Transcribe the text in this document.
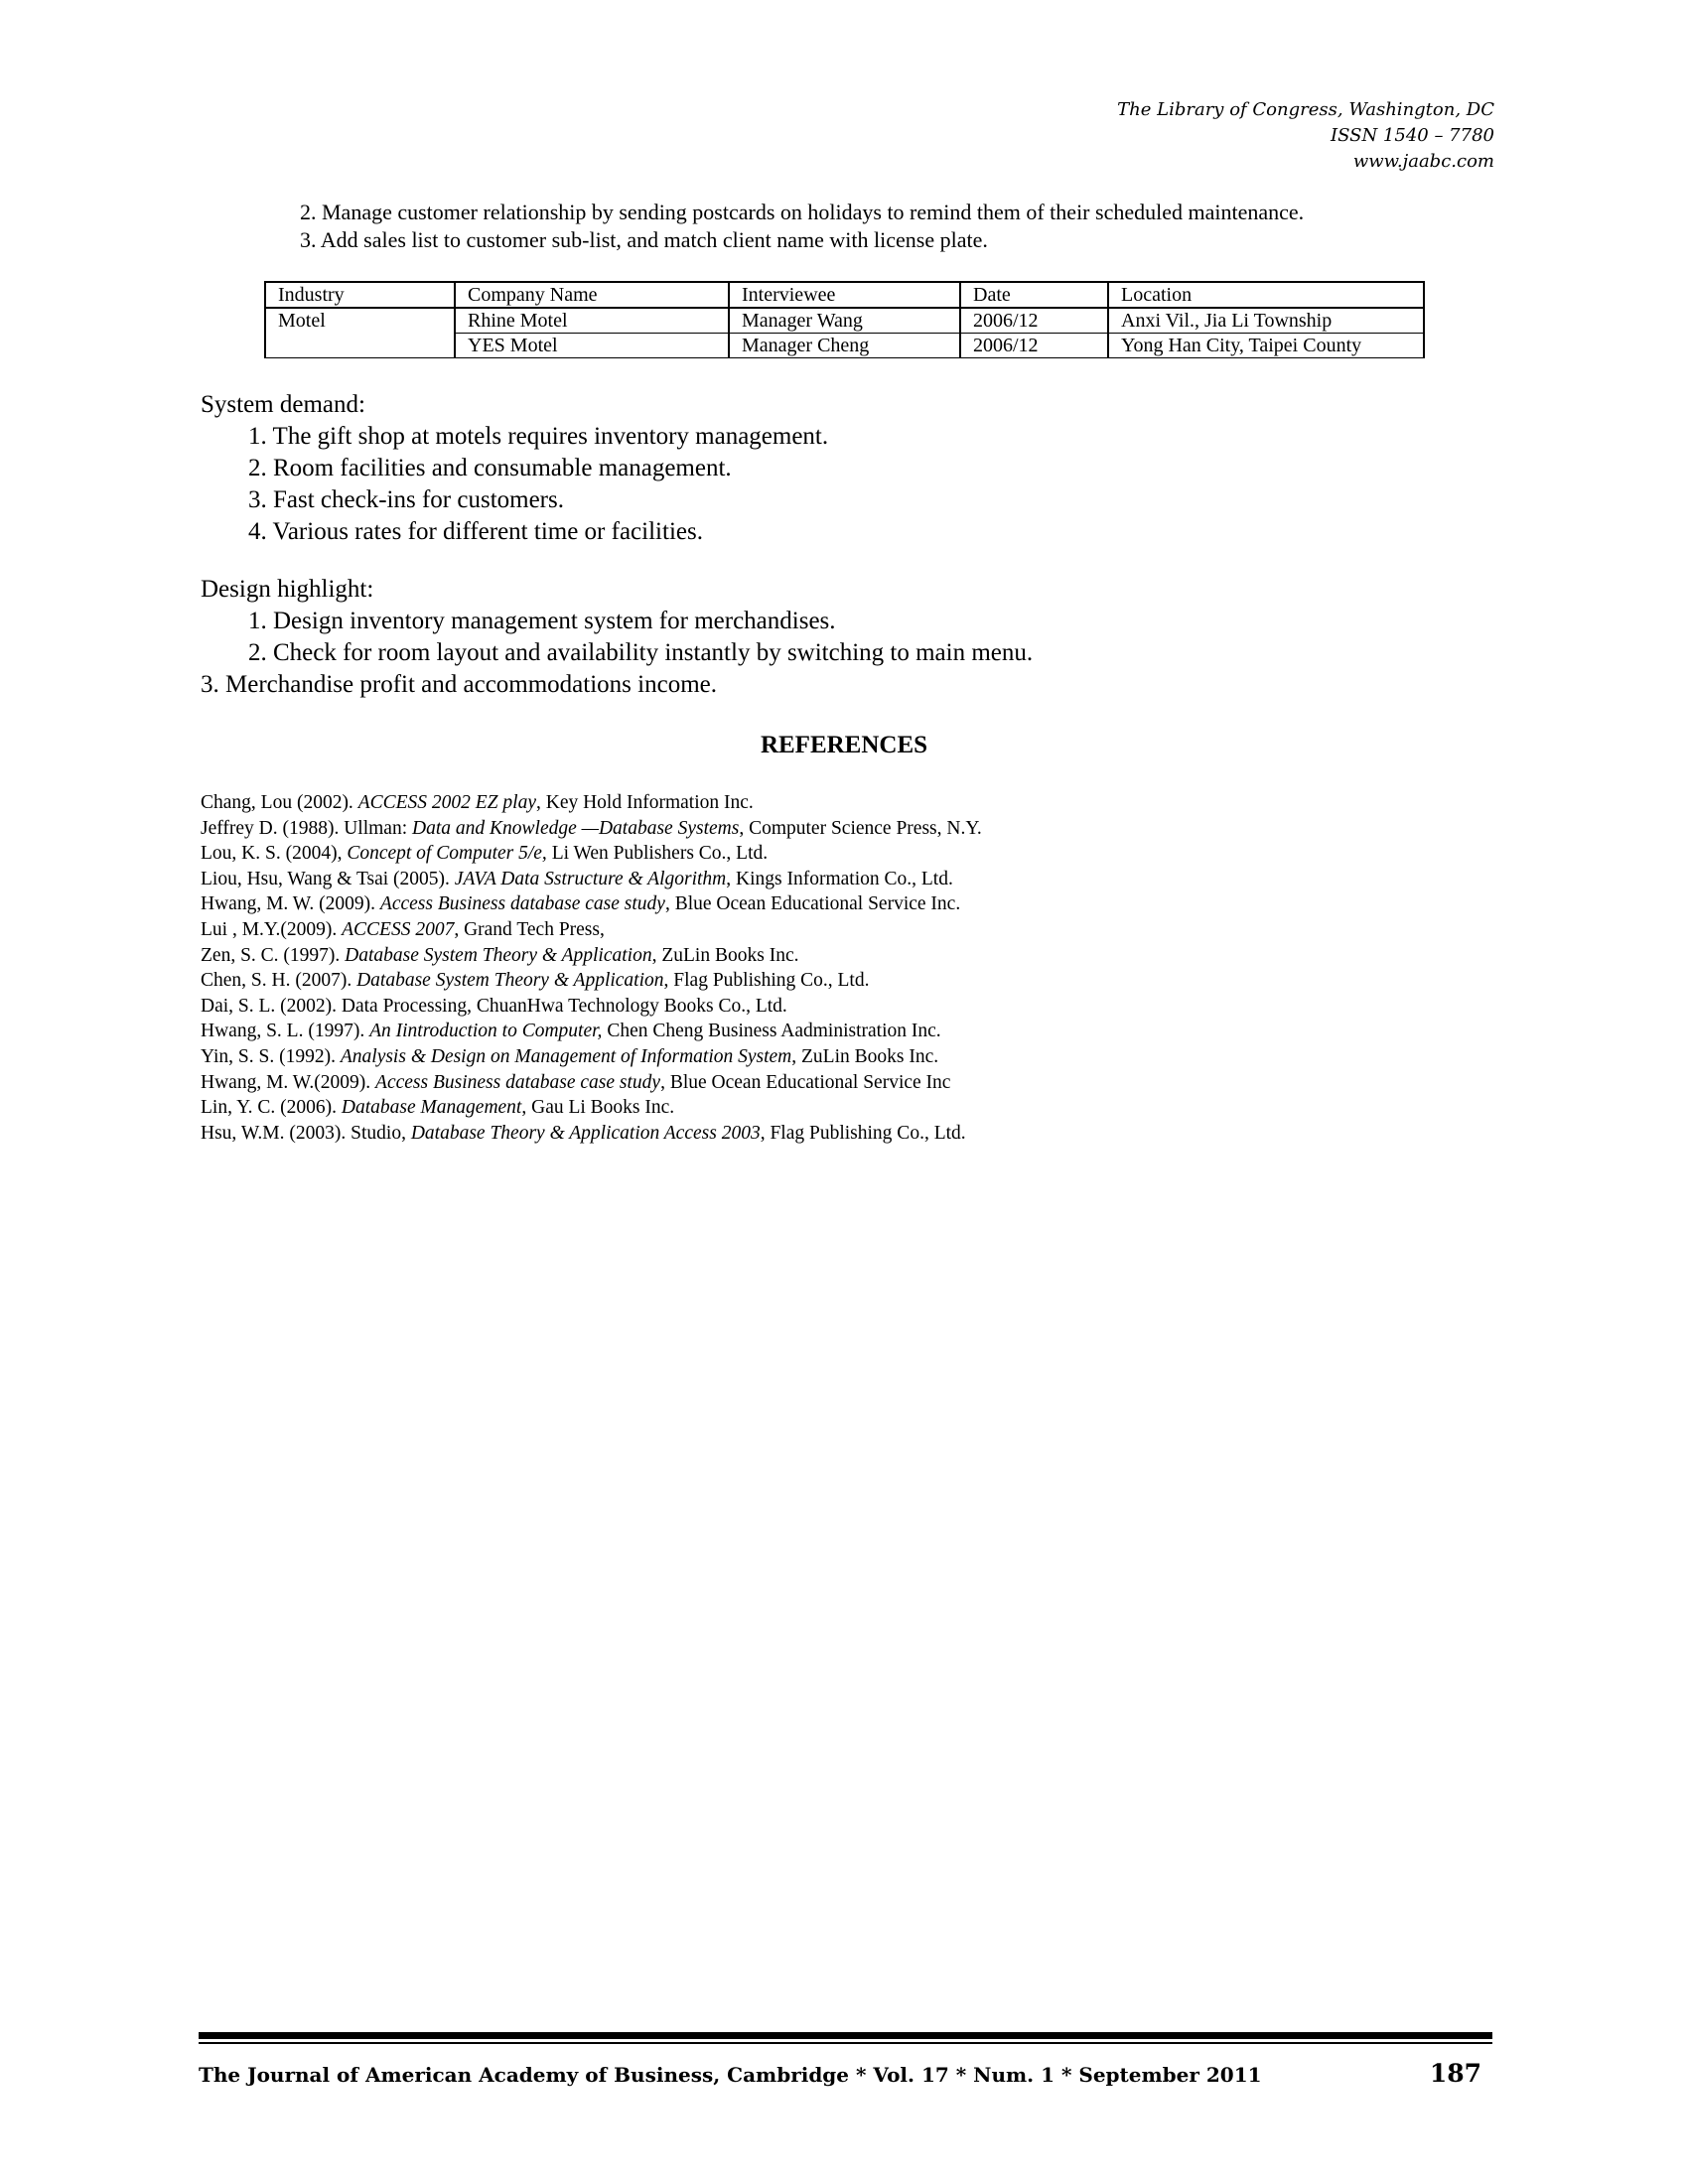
The Library of Congress, Washington, DC
ISSN 1540 – 7780
www.jaabc.com
2. Manage customer relationship by sending postcards on holidays to remind them of their scheduled maintenance.
3. Add sales list to customer sub-list, and match client name with license plate.
Industry	Company Name	Interviewee	Date	Location
Motel	Rhine Motel	Manager Wang	2006/12	Anxi Vil., Jia Li Township
	YES Motel	Manager Cheng	2006/12	Yong Han City, Taipei County
System demand:
1. The gift shop at motels requires inventory management.
2. Room facilities and consumable management.
3. Fast check-ins for customers.
4. Various rates for different time or facilities.
Design highlight:
1. Design inventory management system for merchandises.
2. Check for room layout and availability instantly by switching to main menu.
3. Merchandise profit and accommodations income.
REFERENCES
Chang, Lou (2002). ACCESS 2002 EZ play, Key Hold Information Inc.
Jeffrey D. (1988). Ullman: Data and Knowledge —Database Systems, Computer Science Press, N.Y.
Lou, K. S. (2004), Concept of Computer 5/e, Li Wen Publishers Co., Ltd.
Liou, Hsu, Wang & Tsai (2005). JAVA Data Sstructure & Algorithm, Kings Information Co., Ltd.
Hwang, M. W. (2009). Access Business database case study, Blue Ocean Educational Service Inc.
Lui , M.Y.(2009). ACCESS 2007, Grand Tech Press,
Zen, S. C. (1997). Database System Theory & Application, ZuLin Books Inc.
Chen, S. H. (2007). Database System Theory & Application, Flag Publishing Co., Ltd.
Dai, S. L. (2002). Data Processing, ChuanHwa Technology Books Co., Ltd.
Hwang, S. L. (1997). An Iintroduction to Computer, Chen Cheng Business Aadministration Inc.
Yin, S. S. (1992). Analysis & Design on Management of Information System, ZuLin Books Inc.
Hwang, M. W.(2009). Access Business database case study, Blue Ocean Educational Service Inc
Lin, Y. C. (2006). Database Management, Gau Li Books Inc.
Hsu, W.M. (2003). Studio, Database Theory & Application Access 2003, Flag Publishing Co., Ltd.
The Journal of American Academy of Business, Cambridge * Vol. 17 * Num. 1 * September 2011	187
